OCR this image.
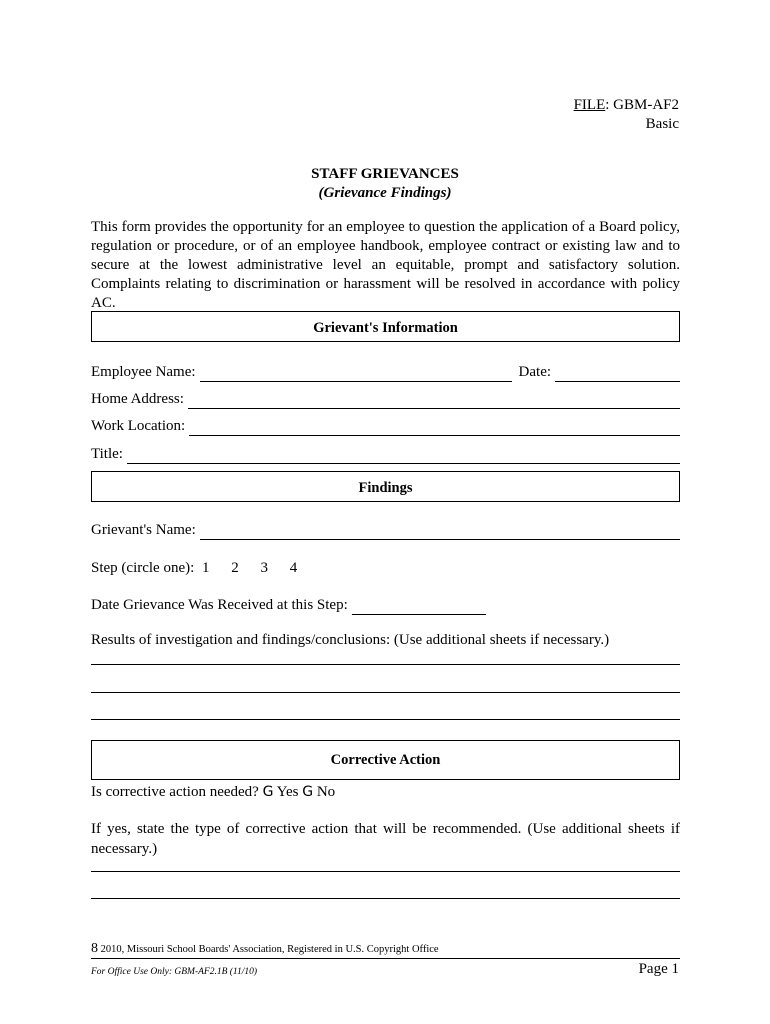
FILE: GBM-AF2
Basic
STAFF GRIEVANCES
(Grievance Findings)
This form provides the opportunity for an employee to question the application of a Board policy, regulation or procedure, or of an employee handbook, employee contract or existing law and to secure at the lowest administrative level an equitable, prompt and satisfactory solution. Complaints relating to discrimination or harassment will be resolved in accordance with policy AC.
Grievant's Information
Employee Name:	Date:
Home Address:
Work Location:
Title:
Findings
Grievant's Name:
Step (circle one): 1 2 3 4
Date Grievance Was Received at this Step:
Results of investigation and findings/conclusions: (Use additional sheets if necessary.)
Corrective Action
Is corrective action needed? G Yes G No
If yes, state the type of corrective action that will be recommended. (Use additional sheets if necessary.)
8 2010, Missouri School Boards' Association, Registered in U.S. Copyright Office
For Office Use Only: GBM-AF2.1B (11/10)	Page 1
